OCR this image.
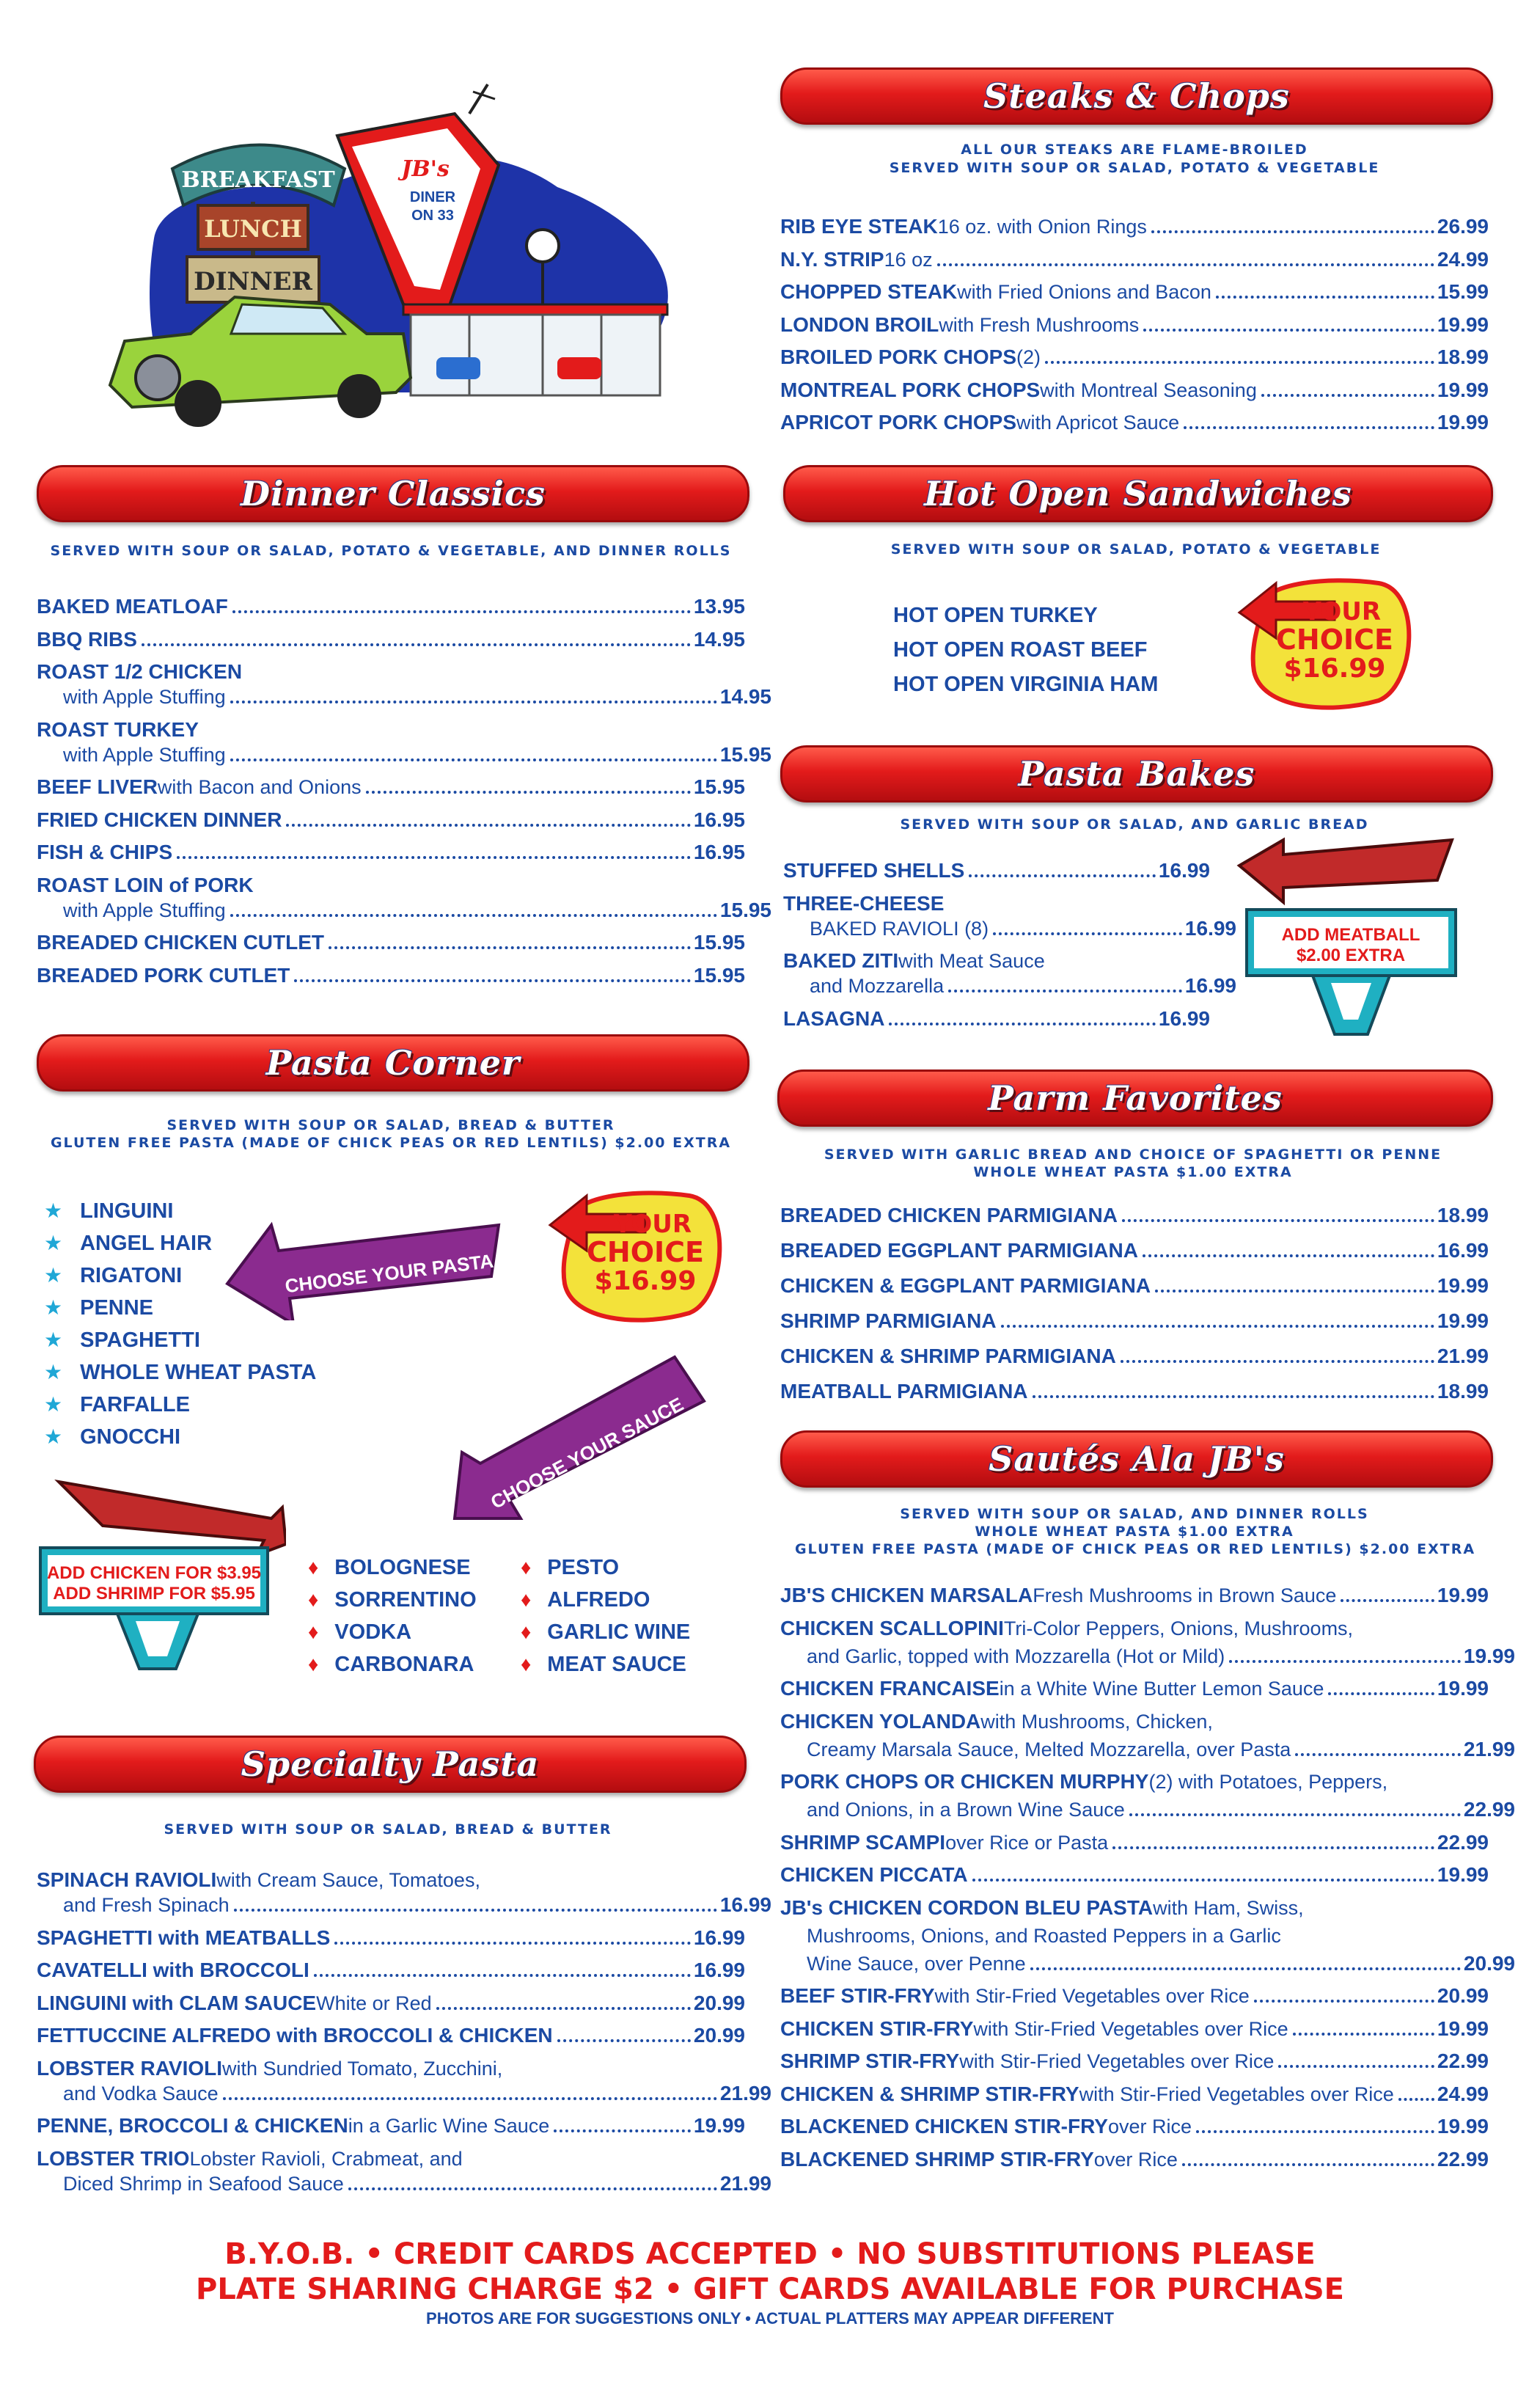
BREAKFAST
LUNCH
DINNER
JB's
DINER
ON 33
Steaks & Chops
ALL OUR STEAKS ARE FLAME-BROILED
SERVED WITH SOUP OR SALAD, POTATO & VEGETABLE
RIB EYE STEAK 16 oz. with Onion Rings	26.99
N.Y. STRIP 16 oz	24.99
CHOPPED STEAK with Fried Onions and Bacon	15.99
LONDON BROIL with Fresh Mushrooms	19.99
BROILED PORK CHOPS (2)	18.99
MONTREAL PORK CHOPS with Montreal Seasoning	19.99
APRICOT PORK CHOPS with Apricot Sauce	19.99
Dinner Classics
SERVED WITH SOUP OR SALAD, POTATO & VEGETABLE, AND DINNER ROLLS
BAKED MEATLOAF	13.95
BBQ RIBS	14.95
ROAST 1/2 CHICKEN
with Apple Stuffing	14.95
ROAST TURKEY
with Apple Stuffing	15.95
BEEF LIVER with Bacon and Onions	15.95
FRIED CHICKEN DINNER	16.95
FISH & CHIPS	16.95
ROAST LOIN of PORK
with Apple Stuffing	15.95
BREADED CHICKEN CUTLET	15.95
BREADED PORK CUTLET	15.95
Hot Open Sandwiches
SERVED WITH SOUP OR SALAD, POTATO & VEGETABLE
HOT OPEN TURKEY
HOT OPEN ROAST BEEF
HOT OPEN VIRGINIA HAM
YOUR
CHOICE
$16.99
Pasta Bakes
SERVED WITH SOUP OR SALAD, AND GARLIC BREAD
STUFFED SHELLS	16.99
THREE-CHEESE
BAKED RAVIOLI (8)	16.99
BAKED ZITI with Meat Sauce
and Mozzarella	16.99
LASAGNA	16.99
ADD MEATBALL
$2.00 EXTRA
Parm Favorites
SERVED WITH GARLIC BREAD AND CHOICE OF SPAGHETTI OR PENNE
WHOLE WHEAT PASTA $1.00 EXTRA
BREADED CHICKEN PARMIGIANA	18.99
BREADED EGGPLANT PARMIGIANA	16.99
CHICKEN & EGGPLANT PARMIGIANA	19.99
SHRIMP PARMIGIANA	19.99
CHICKEN & SHRIMP PARMIGIANA	21.99
MEATBALL PARMIGIANA	18.99
Pasta Corner
SERVED WITH SOUP OR SALAD, BREAD & BUTTER
GLUTEN FREE PASTA (MADE OF CHICK PEAS OR RED LENTILS) $2.00 EXTRA
★ LINGUINI
★ ANGEL HAIR
★ RIGATONI
★ PENNE
★ SPAGHETTI
★ WHOLE WHEAT PASTA
★ FARFALLE
★ GNOCCHI
CHOOSE YOUR PASTA
YOUR
CHOICE
$16.99
CHOOSE YOUR SAUCE
ADD CHICKEN FOR $3.95
ADD SHRIMP FOR $5.95
♦ BOLOGNESE
♦ SORRENTINO
♦ VODKA
♦ CARBONARA
♦ PESTO
♦ ALFREDO
♦ GARLIC WINE
♦ MEAT SAUCE
Sautés Ala JB's
SERVED WITH SOUP OR SALAD, AND DINNER ROLLS
WHOLE WHEAT PASTA $1.00 EXTRA
GLUTEN FREE PASTA (MADE OF CHICK PEAS OR RED LENTILS) $2.00 EXTRA
JB'S CHICKEN MARSALA Fresh Mushrooms in Brown Sauce	19.99
CHICKEN SCALLOPINI Tri-Color Peppers, Onions, Mushrooms,
and Garlic, topped with Mozzarella (Hot or Mild)	19.99
CHICKEN FRANCAISE in a White Wine Butter Lemon Sauce	19.99
CHICKEN YOLANDA with Mushrooms, Chicken,
Creamy Marsala Sauce, Melted Mozzarella, over Pasta	21.99
PORK CHOPS OR CHICKEN MURPHY (2) with Potatoes, Peppers,
and Onions, in a Brown Wine Sauce	22.99
SHRIMP SCAMPI over Rice or Pasta	22.99
CHICKEN PICCATA	19.99
JB's CHICKEN CORDON BLEU PASTA with Ham, Swiss,
Mushrooms, Onions, and Roasted Peppers in a Garlic
Wine Sauce, over Penne	20.99
BEEF STIR-FRY with Stir-Fried Vegetables over Rice	20.99
CHICKEN STIR-FRY with Stir-Fried Vegetables over Rice	19.99
SHRIMP STIR-FRY with Stir-Fried Vegetables over Rice	22.99
CHICKEN & SHRIMP STIR-FRY with Stir-Fried Vegetables over Rice 24.99
BLACKENED CHICKEN STIR-FRY over Rice	19.99
BLACKENED SHRIMP STIR-FRY over Rice	22.99
Specialty Pasta
SERVED WITH SOUP OR SALAD, BREAD & BUTTER
SPINACH RAVIOLI with Cream Sauce, Tomatoes,
and Fresh Spinach	16.99
SPAGHETTI with MEATBALLS	16.99
CAVATELLI with BROCCOLI	16.99
LINGUINI with CLAM SAUCE White or Red	20.99
FETTUCCINE ALFREDO with BROCCOLI & CHICKEN	20.99
LOBSTER RAVIOLI with Sundried Tomato, Zucchini,
and Vodka Sauce	21.99
PENNE, BROCCOLI & CHICKEN in a Garlic Wine Sauce	19.99
LOBSTER TRIO Lobster Ravioli, Crabmeat, and
Diced Shrimp in Seafood Sauce	21.99
B.Y.O.B. • CREDIT CARDS ACCEPTED • NO SUBSTITUTIONS PLEASE
PLATE SHARING CHARGE $2 • GIFT CARDS AVAILABLE FOR PURCHASE
PHOTOS ARE FOR SUGGESTIONS ONLY • ACTUAL PLATTERS MAY APPEAR DIFFERENT
